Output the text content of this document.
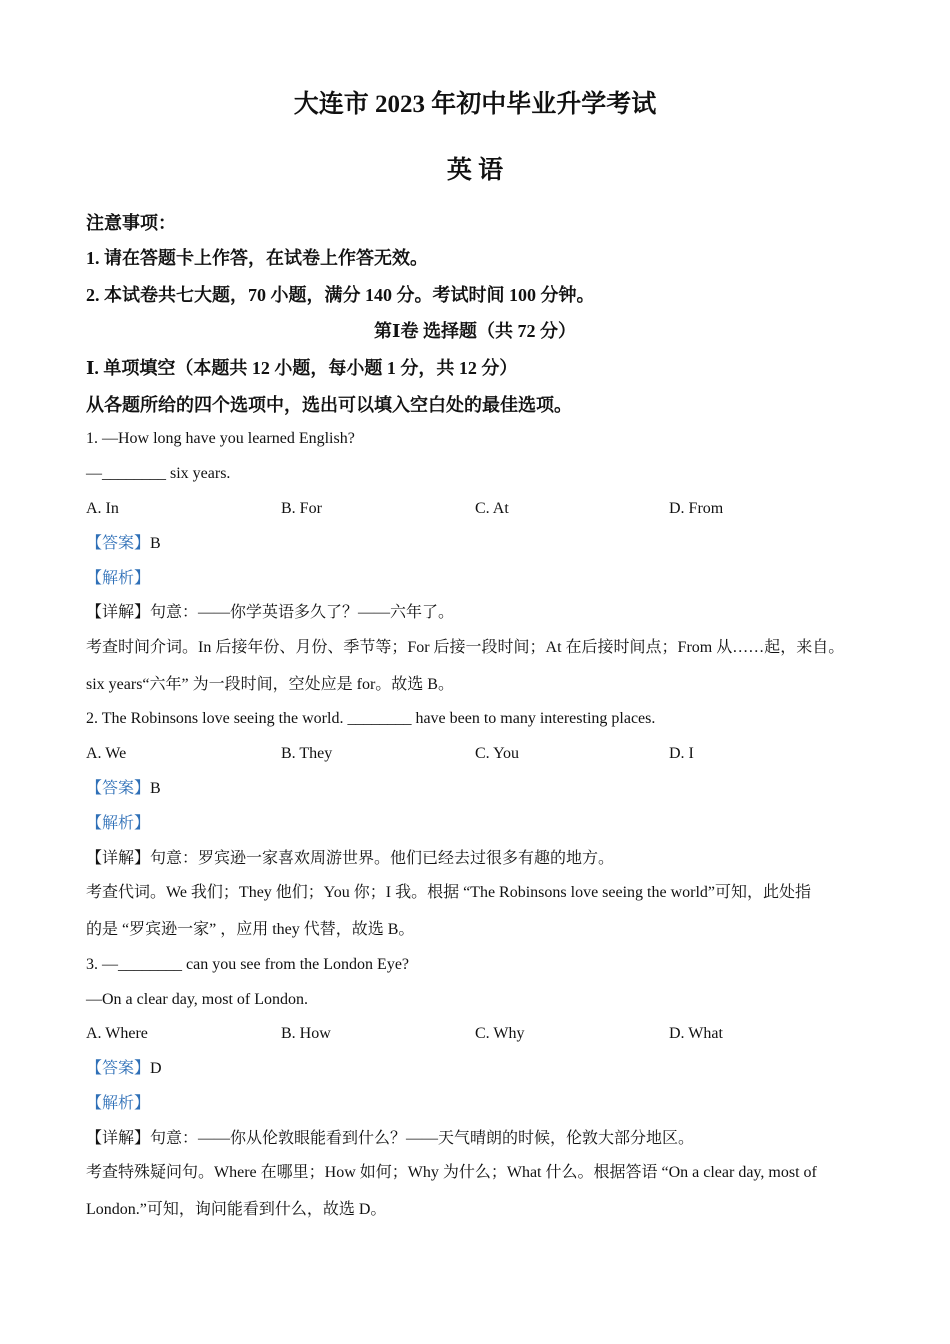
大连市 2023 年初中毕业升学考试
英 语
注意事项：
1. 请在答题卡上作答，在试卷上作答无效。
2. 本试卷共七大题，70 小题，满分 140 分。考试时间 100 分钟。
第Ⅰ卷 选择题（共 72 分）
Ⅰ. 单项填空（本题共 12 小题，每小题 1 分，共 12 分）
从各题所给的四个选项中，选出可以填入空白处的最佳选项。
1. —How long have you learned English?
—________ six years.
A. In	B. For	C. At	D. From
【答案】B
【解析】
【详解】句意：——你学英语多久了？——六年了。
考查时间介词。In 后接年份、月份、季节等；For 后接一段时间；At 在后接时间点；From 从……起，来自。
six years“六年” 为一段时间，空处应是 for。故选 B。
2. The Robinsons love seeing the world. ________ have been to many interesting places.
A. We	B. They	C. You	D. I
【答案】B
【解析】
【详解】句意：罗宾逊一家喜欢周游世界。他们已经去过很多有趣的地方。
考查代词。We 我们；They 他们；You 你；I 我。根据 “The Robinsons love seeing the world”可知，此处指
的是 “罗宾逊一家” ，应用 they 代替，故选 B。
3. —________ can you see from the London Eye?
—On a clear day, most of London.
A. Where	B. How	C. Why	D. What
【答案】D
【解析】
【详解】句意：——你从伦敦眼能看到什么？——天气晴朗的时候，伦敦大部分地区。
考查特殊疑问句。Where 在哪里；How 如何；Why 为什么；What 什么。根据答语 “On a clear day, most of
London.”可知，询问能看到什么，故选 D。
